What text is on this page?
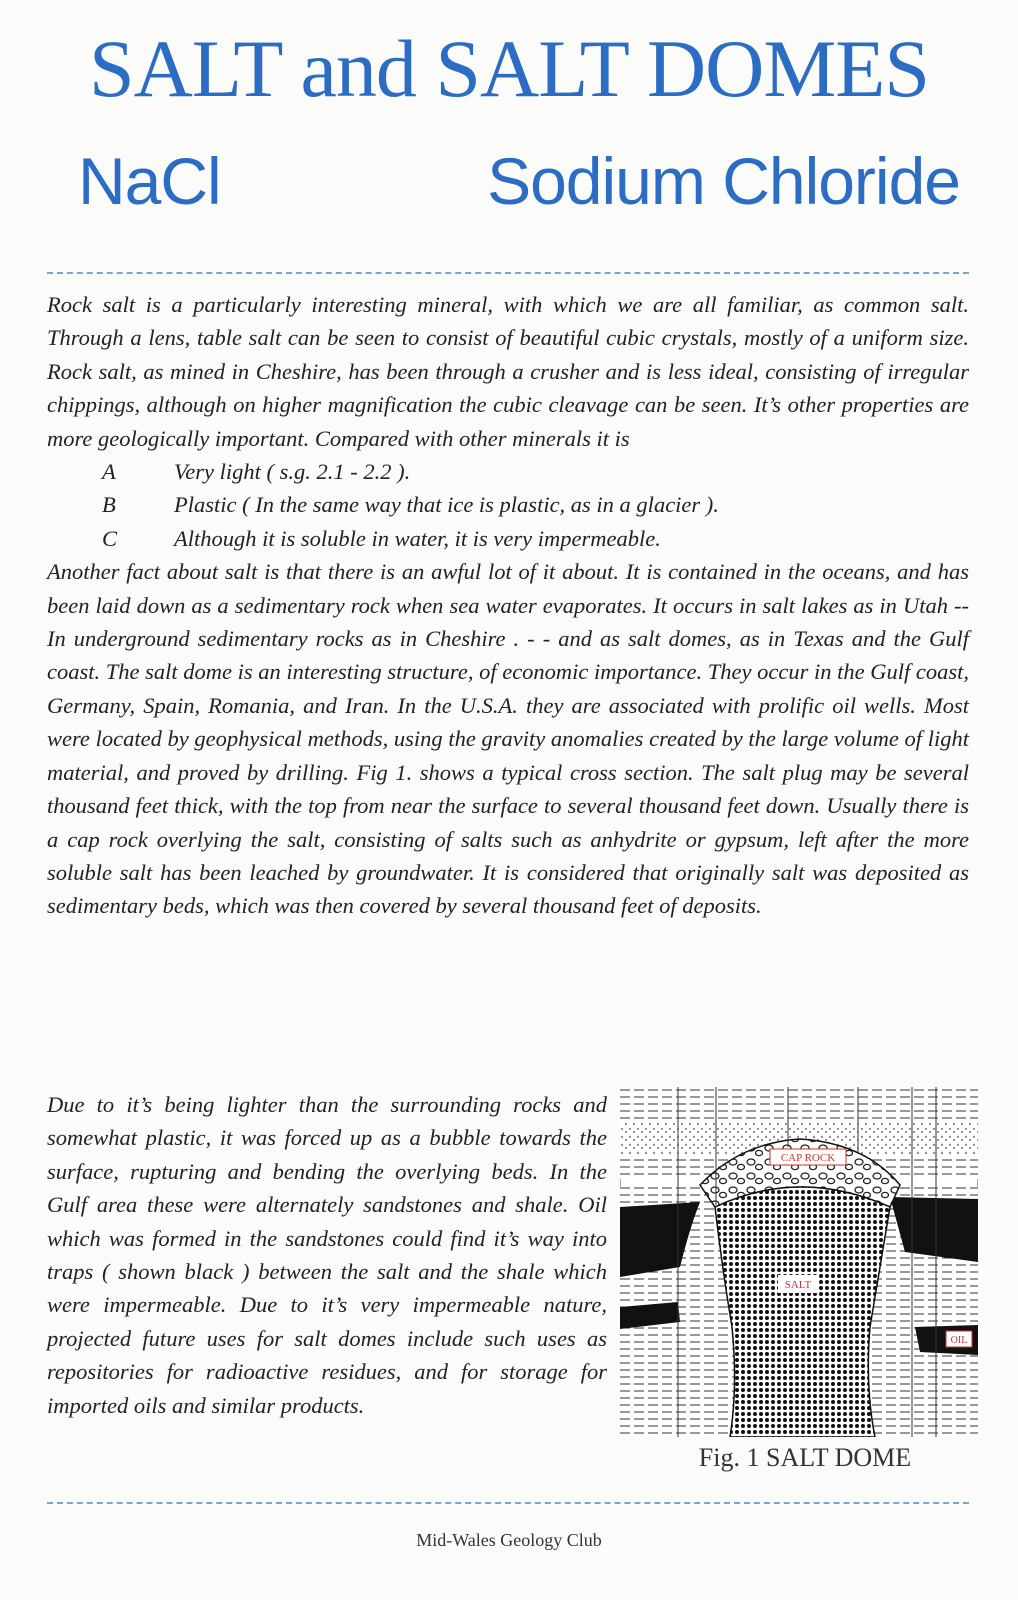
SALT and SALT DOMES
NaCl	Sodium Chloride

Rock salt is a particularly interesting mineral, with which we are all familiar, as common salt. Through a lens, table salt can be seen to consist of beautiful cubic crystals, mostly of a uniform size. Rock salt, as mined in Cheshire, has been through a crusher and is less ideal, consisting of irregular chippings, although on higher magnification the cubic cleavage can be seen. It’s other properties are more geologically important. Compared with other minerals it is

A	Very light ( s.g. 2.1 - 2.2 ).
B	Plastic ( In the same way that ice is plastic, as in a glacier ).
C	Although it is soluble in water, it is very impermeable.

Another fact about salt is that there is an awful lot of it about. It is contained in the oceans, and has been laid down as a sedimentary rock when sea water evaporates. It occurs in salt lakes as in Utah -- In underground sedimentary rocks as in Cheshire . - - and as salt domes, as in Texas and the Gulf coast. The salt dome is an interesting structure, of economic importance. They occur in the Gulf coast, Germany, Spain, Romania, and Iran. In the U.S.A. they are associated with prolific oil wells. Most were located by geophysical methods, using the gravity anomalies created by the large volume of light material, and proved by drilling. Fig 1. shows a typical cross section. The salt plug may be several thousand feet thick, with the top from near the surface to several thousand feet down. Usually there is a cap rock overlying the salt, consisting of salts such as anhydrite or gypsum, left after the more soluble salt has been leached by groundwater. It is considered that originally salt was deposited as sedimentary beds, which was then covered by several thousand feet of deposits.

Due to it’s being lighter than the surrounding rocks and somewhat plastic, it was forced up as a bubble towards the surface, rupturing and bending the overlying beds. In the Gulf area these were alternately sandstones and shale. Oil which was formed in the sandstones could find it’s way into traps ( shown black ) between the salt and the shale which were impermeable. Due to it’s very impermeable nature, projected future uses for salt domes include such uses as repositories for radioactive residues, and for storage for imported oils and similar products.

CAP ROCK
SALT
OIL
Fig. 1 SALT DOME
Mid-Wales Geology Club
